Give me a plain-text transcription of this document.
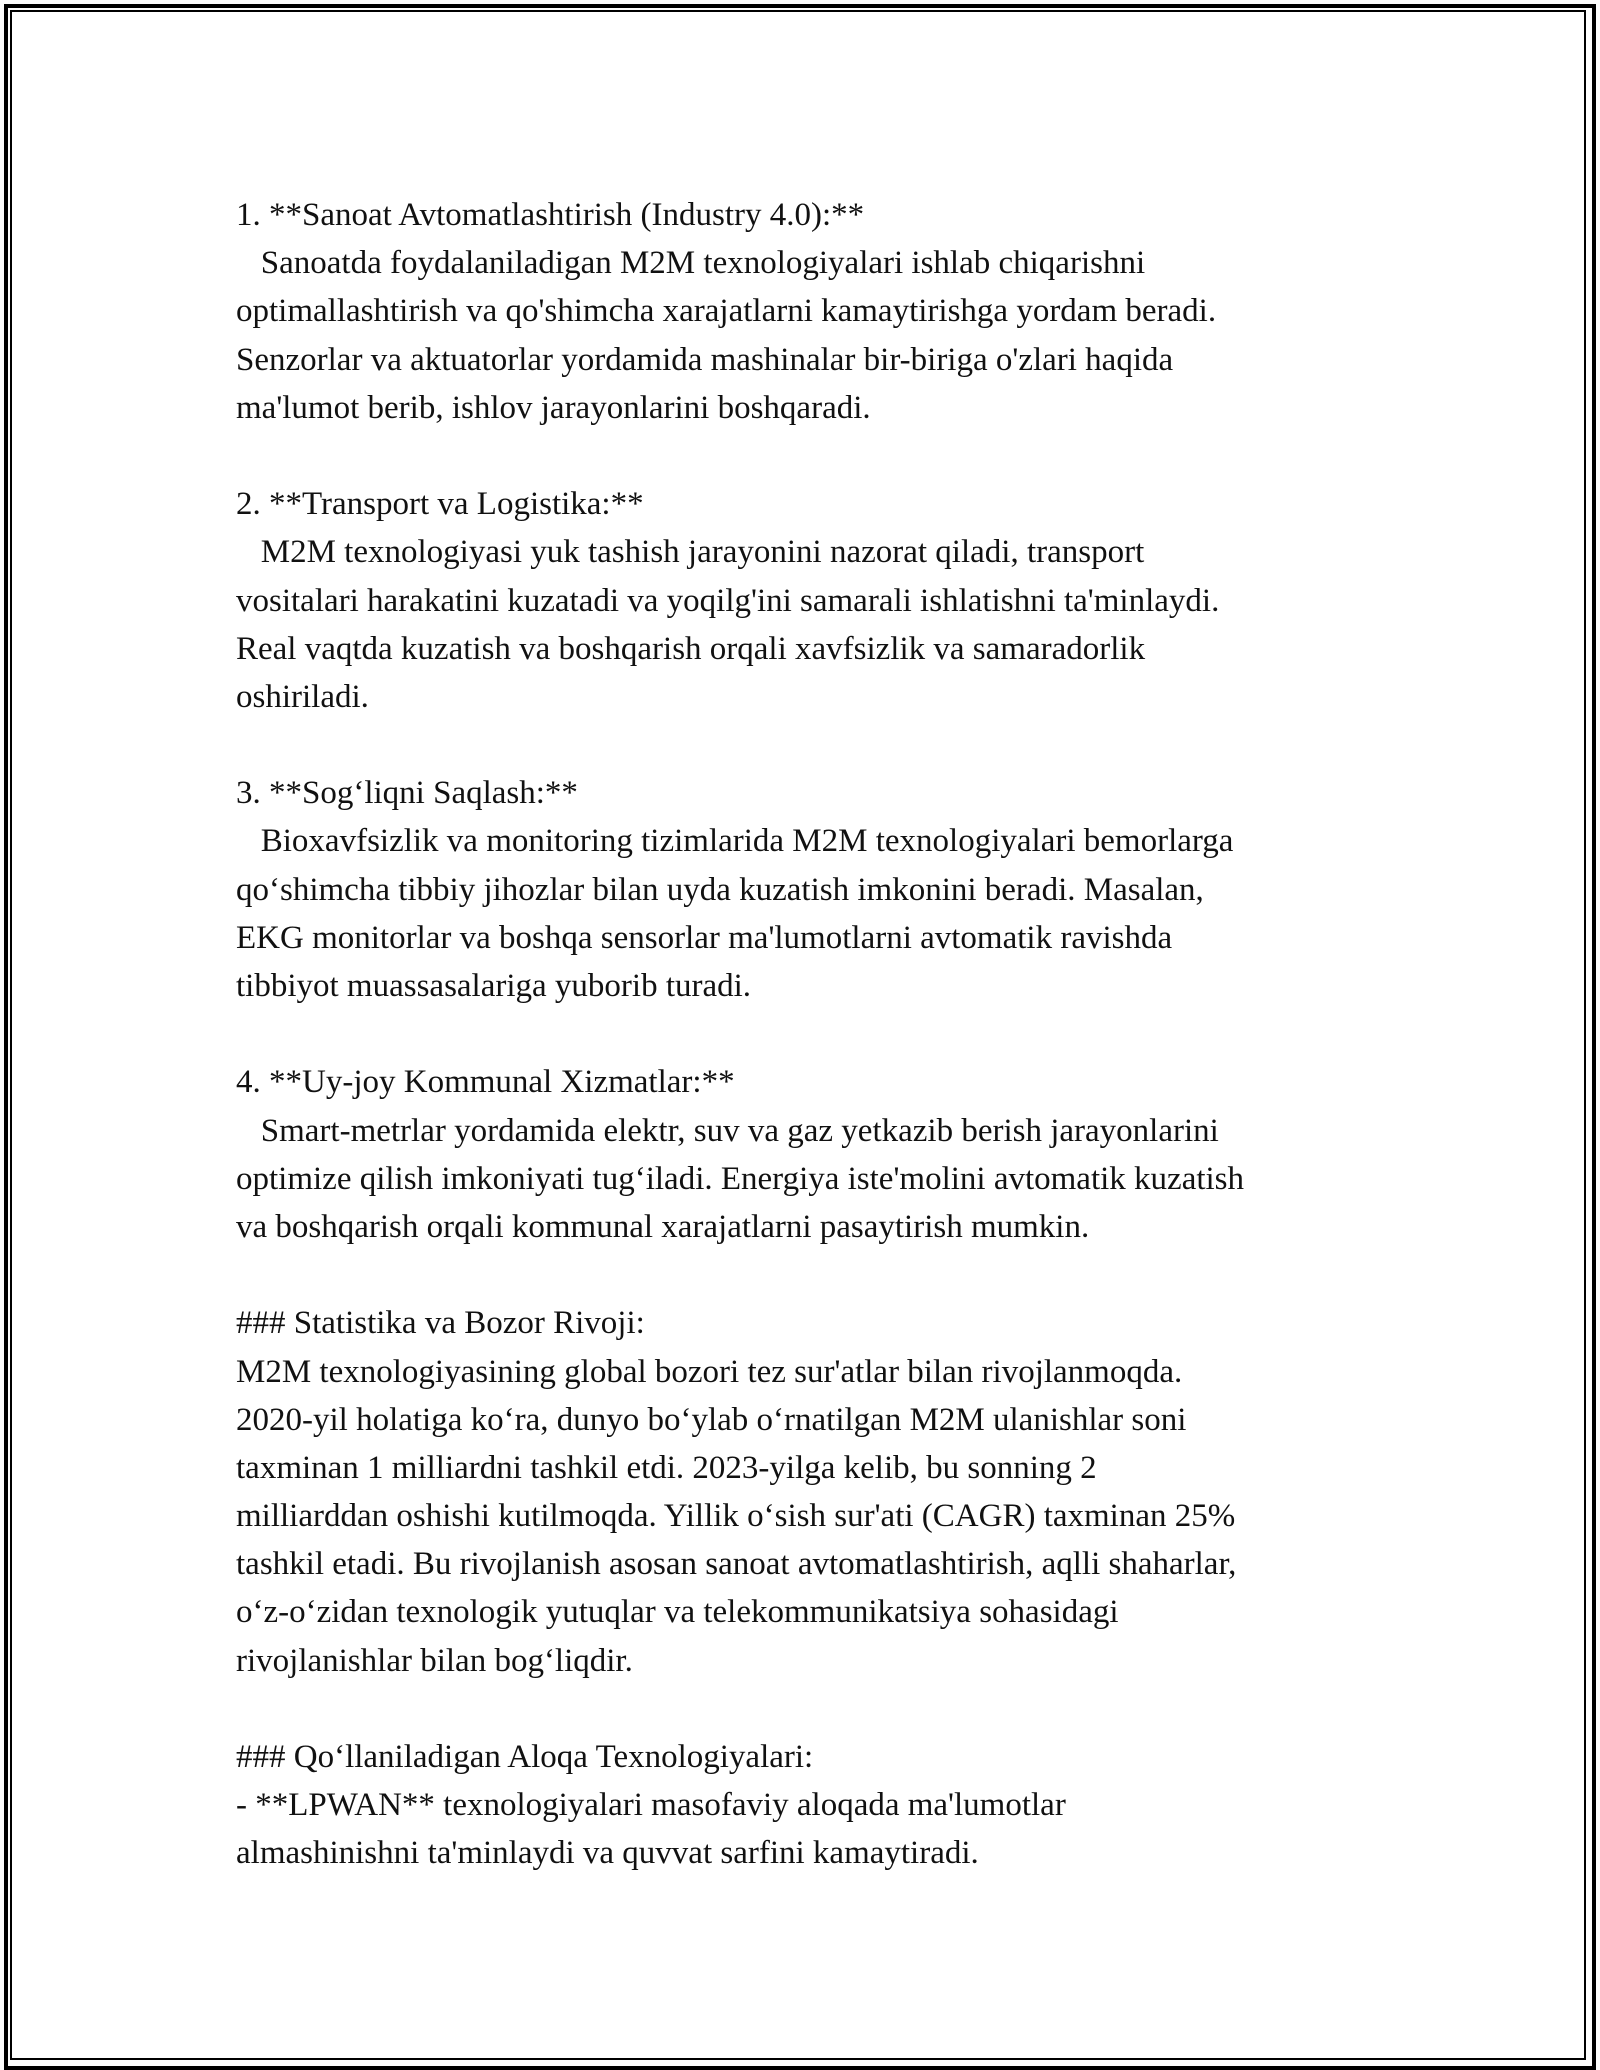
1. **Sanoat Avtomatlashtirish (Industry 4.0):**
Sanoatda foydalaniladigan M2M texnologiyalari ishlab chiqarishni
optimallashtirish va qo'shimcha xarajatlarni kamaytirishga yordam beradi.
Senzorlar va aktuatorlar yordamida mashinalar bir-biriga o'zlari haqida
ma'lumot berib, ishlov jarayonlarini boshqaradi.
2. **Transport va Logistika:**
M2M texnologiyasi yuk tashish jarayonini nazorat qiladi, transport
vositalari harakatini kuzatadi va yoqilg'ini samarali ishlatishni ta'minlaydi.
Real vaqtda kuzatish va boshqarish orqali xavfsizlik va samaradorlik
oshiriladi.
3. **Sog‘liqni Saqlash:**
Bioxavfsizlik va monitoring tizimlarida M2M texnologiyalari bemorlarga
qo‘shimcha tibbiy jihozlar bilan uyda kuzatish imkonini beradi. Masalan,
EKG monitorlar va boshqa sensorlar ma'lumotlarni avtomatik ravishda
tibbiyot muassasalariga yuborib turadi.
4. **Uy-joy Kommunal Xizmatlar:**
Smart-metrlar yordamida elektr, suv va gaz yetkazib berish jarayonlarini
optimize qilish imkoniyati tug‘iladi. Energiya iste'molini avtomatik kuzatish
va boshqarish orqali kommunal xarajatlarni pasaytirish mumkin.
### Statistika va Bozor Rivoji:
M2M texnologiyasining global bozori tez sur'atlar bilan rivojlanmoqda.
2020-yil holatiga ko‘ra, dunyo bo‘ylab o‘rnatilgan M2M ulanishlar soni
taxminan 1 milliardni tashkil etdi. 2023-yilga kelib, bu sonning 2
milliarddan oshishi kutilmoqda. Yillik o‘sish sur'ati (CAGR) taxminan 25%
tashkil etadi. Bu rivojlanish asosan sanoat avtomatlashtirish, aqlli shaharlar,
o‘z-o‘zidan texnologik yutuqlar va telekommunikatsiya sohasidagi
rivojlanishlar bilan bog‘liqdir.
### Qo‘llaniladigan Aloqa Texnologiyalari:
- **LPWAN** texnologiyalari masofaviy aloqada ma'lumotlar
almashinishni ta'minlaydi va quvvat sarfini kamaytiradi.
